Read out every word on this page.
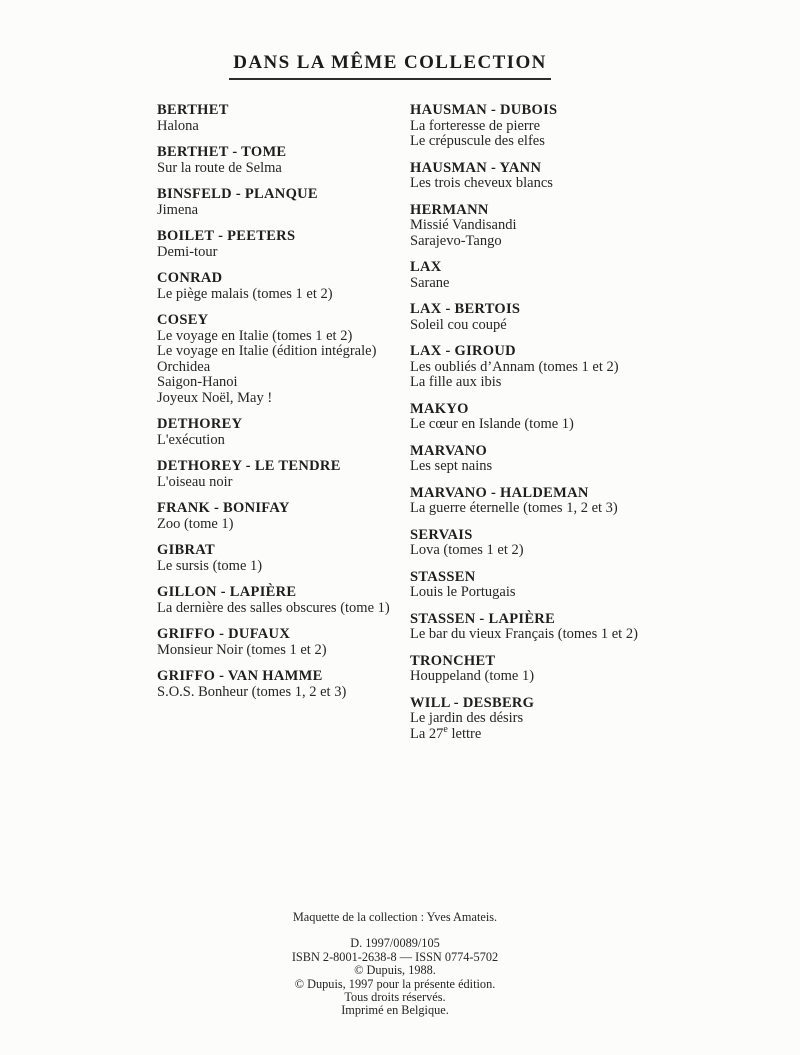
DANS LA MÊME COLLECTION
BERTHET
Halona
BERTHET - TOME
Sur la route de Selma
BINSFELD - PLANQUE
Jimena
BOILET - PEETERS
Demi-tour
CONRAD
Le piège malais (tomes 1 et 2)
COSEY
Le voyage en Italie (tomes 1 et 2)
Le voyage en Italie (édition intégrale)
Orchidea
Saigon-Hanoi
Joyeux Noël, May !
DETHOREY
L'exécution
DETHOREY - LE TENDRE
L'oiseau noir
FRANK - BONIFAY
Zoo (tome 1)
GIBRAT
Le sursis (tome 1)
GILLON - LAPIÈRE
La dernière des salles obscures (tome 1)
GRIFFO - DUFAUX
Monsieur Noir (tomes 1 et 2)
GRIFFO - VAN HAMME
S.O.S. Bonheur (tomes 1, 2 et 3)
HAUSMAN - DUBOIS
La forteresse de pierre
Le crépuscule des elfes
HAUSMAN - YANN
Les trois cheveux blancs
HERMANN
Missié Vandisandi
Sarajevo-Tango
LAX
Sarane
LAX - BERTOIS
Soleil cou coupé
LAX - GIROUD
Les oubliés d’Annam (tomes 1 et 2)
La fille aux ibis
MAKYO
Le cœur en Islande (tome 1)
MARVANO
Les sept nains
MARVANO - HALDEMAN
La guerre éternelle (tomes 1, 2 et 3)
SERVAIS
Lova (tomes 1 et 2)
STASSEN
Louis le Portugais
STASSEN - LAPIÈRE
Le bar du vieux Français (tomes 1 et 2)
TRONCHET
Houppeland (tome 1)
WILL - DESBERG
Le jardin des désirs
La 27e lettre
Maquette de la collection : Yves Amateis.
D. 1997/0089/105
ISBN 2-8001-2638-8 — ISSN 0774-5702
© Dupuis, 1988.
© Dupuis, 1997 pour la présente édition.
Tous droits réservés.
Imprimé en Belgique.
